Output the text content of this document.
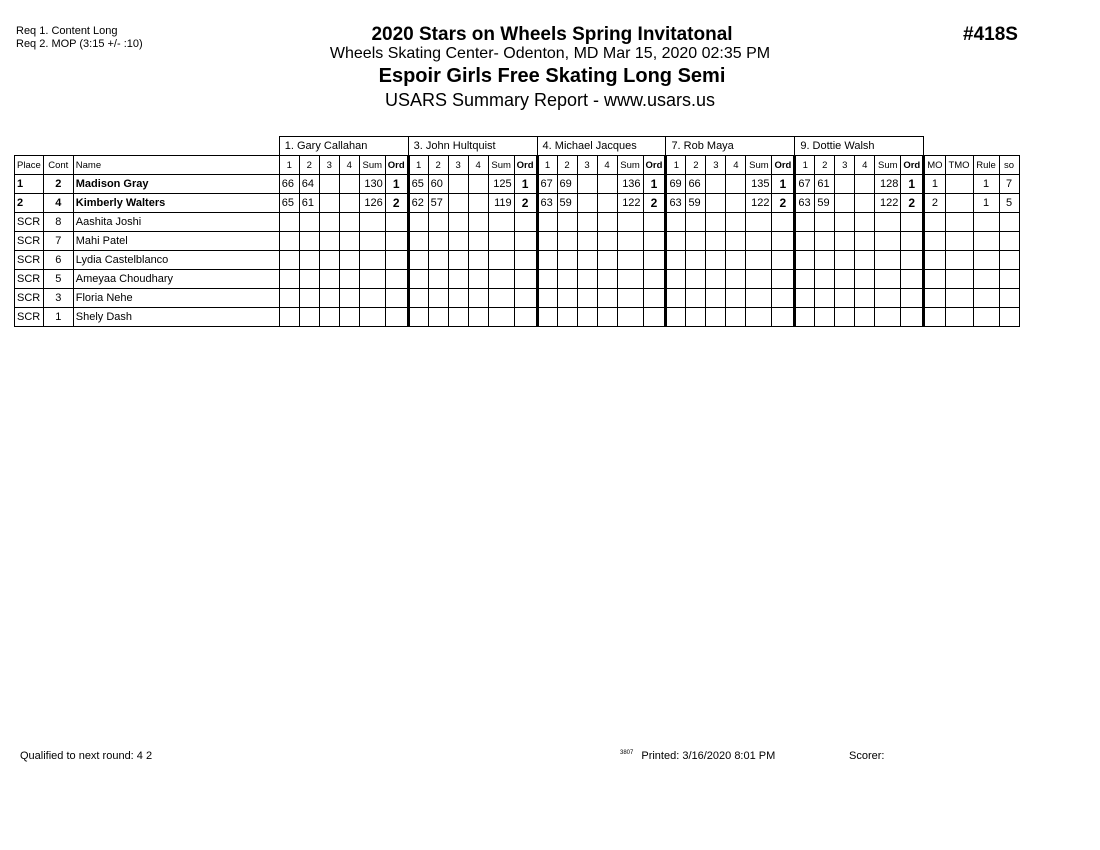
Req 1. Content Long
Req 2. MOP (3:15 +/- :10)	2020 Stars on Wheels Spring Invitatonal
Wheels Skating Center- Odenton, MD Mar 15, 2020 02:35 PM
Espoir Girls Free Skating Long Semi
USARS Summary Report - www.usars.us
#418S
			1. Gary Callahan						3. John Hultquist						4. Michael Jacques						7. Rob Maya						9. Dottie Walsh									
Place	Cont	Name	1	2	3	4	Sum	Ord	1	2	3	4	Sum	Ord	1	2	3	4	Sum	Ord	1	2	3	4	Sum	Ord	1	2	3	4	Sum	Ord	MO	TMO	Rule	so
1	2	Madison Gray	66	64			130	1	65	60			125	1	67	69			136	1	69	66			135	1	67	61			128	1	1		1	7
2	4	Kimberly Walters	65	61			126	2	62	57			119	2	63	59			122	2	63	59			122	2	63	59			122	2	2		1	5
SCR	8	Aashita Joshi																																		
SCR	7	Mahi Patel																																		
SCR	6	Lydia Castelblanco																																		
SCR	5	Ameyaa Choudhary																																		
SCR	3	Floria Nehe																																		
SCR	1	Shely Dash																																		
Qualified to next round: 4 2	$^{3807}$ Printed: 3/16/2020 8:01 PM	Scorer:
